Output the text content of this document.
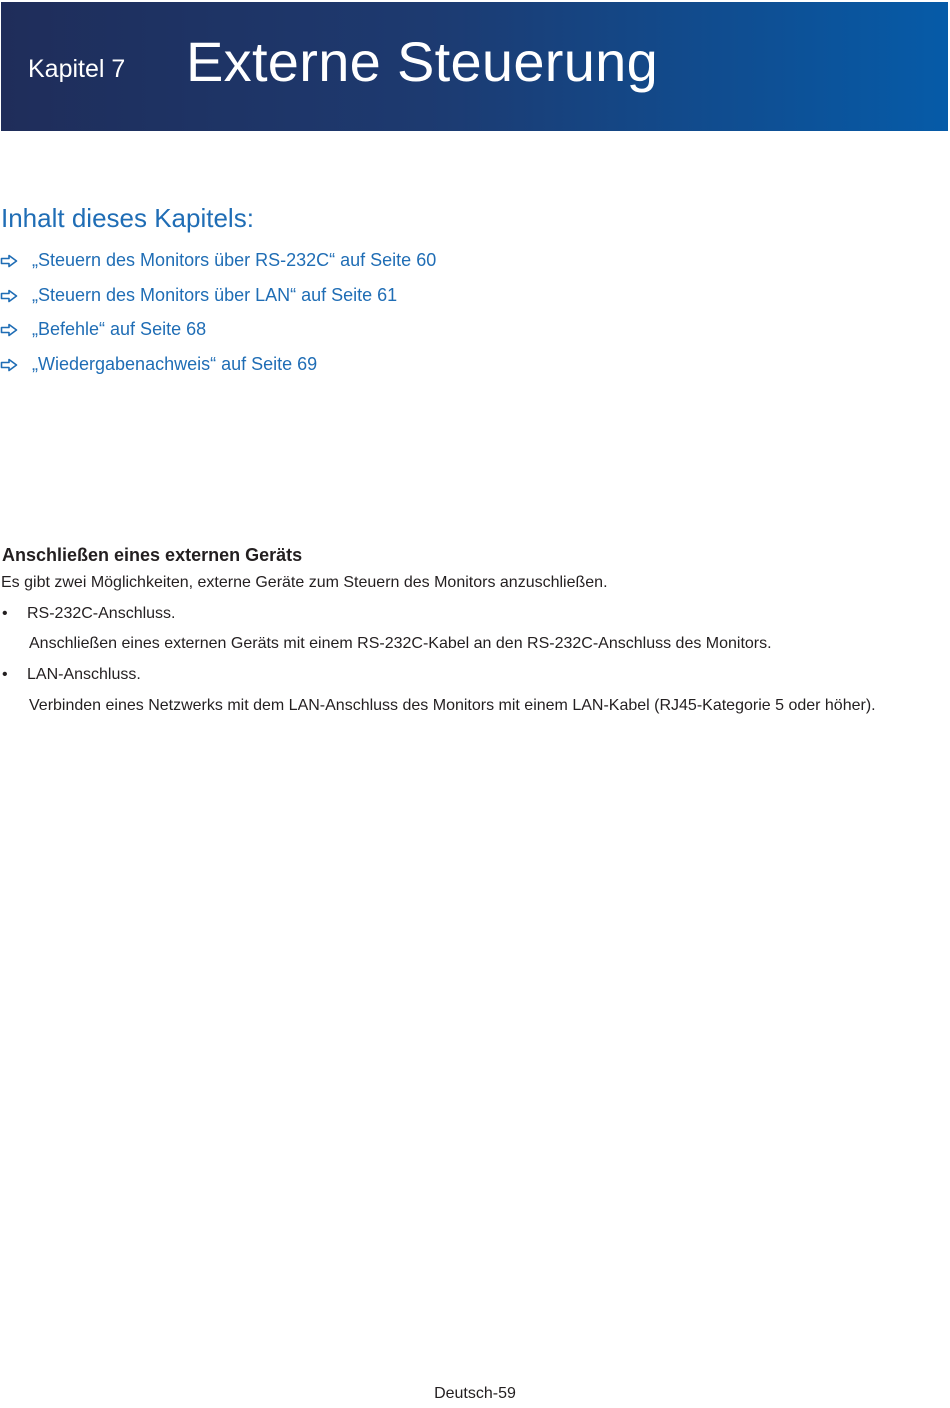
Kapitel 7 Externe Steuerung
Inhalt dieses Kapitels:
„Steuern des Monitors über RS-232C“ auf Seite 60
„Steuern des Monitors über LAN“ auf Seite 61
„Befehle“ auf Seite 68
„Wiedergabenachweis“ auf Seite 69
Anschließen eines externen Geräts
Es gibt zwei Möglichkeiten, externe Geräte zum Steuern des Monitors anzuschließen.
• RS-232C-Anschluss.
Anschließen eines externen Geräts mit einem RS-232C-Kabel an den RS-232C-Anschluss des Monitors.
• LAN-Anschluss.
Verbinden eines Netzwerks mit dem LAN-Anschluss des Monitors mit einem LAN-Kabel (RJ45-Kategorie 5 oder höher).
Deutsch-59
